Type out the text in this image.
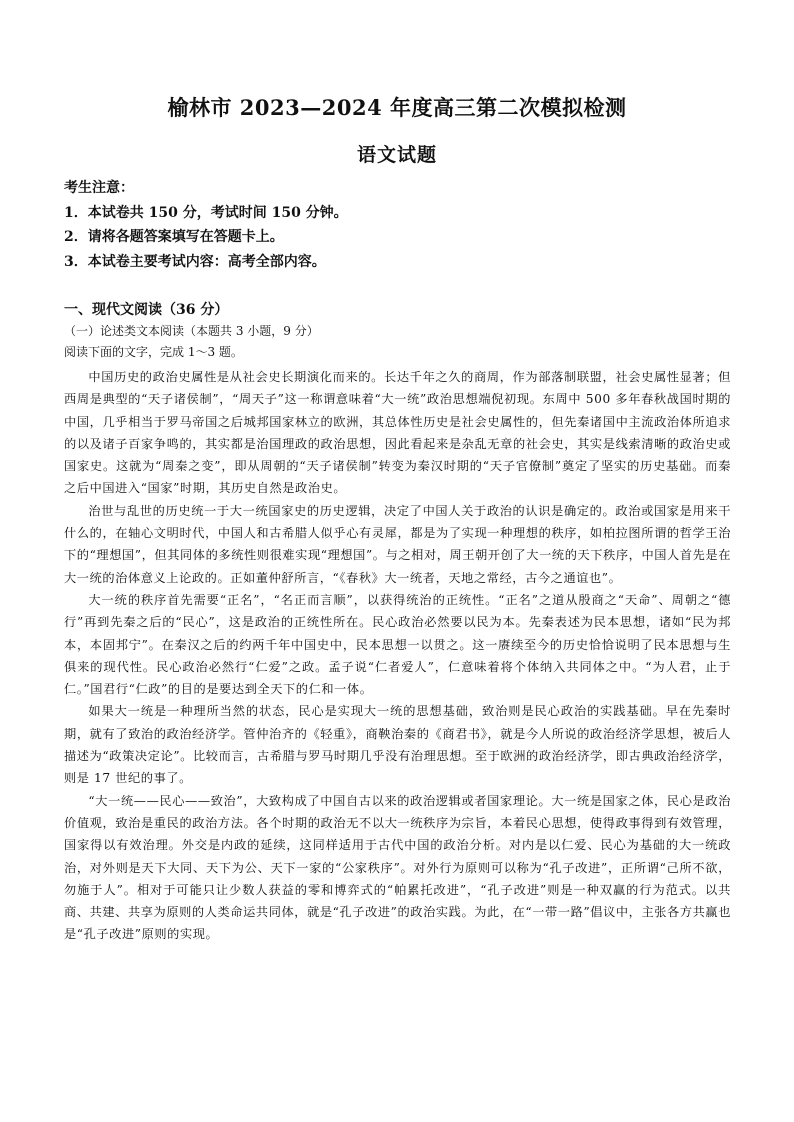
榆林市 2023—2024 年度高三第二次模拟检测
语文试题
考生注意：
1．本试卷共 150 分，考试时间 150 分钟。
2．请将各题答案填写在答题卡上。
3．本试卷主要考试内容：高考全部内容。
一、现代文阅读（36 分）
（一）论述类文本阅读（本题共 3 小题，9 分）
阅读下面的文字，完成 1～3 题。

中国历史的政治史属性是从社会史长期演化而来的。长达千年之久的商周，作为部落制联盟，社会史属性显著；但西周是典型的“天子诸侯制”，“周天子”这一称谓意味着“大一统”政治思想端倪初现。东周中 500 多年春秋战国时期的中国，几乎相当于罗马帝国之后城邦国家林立的欧洲，其总体性历史是社会史属性的，但先秦诸国中主流政治体所追求的以及诸子百家争鸣的，其实都是治国理政的政治思想，因此看起来是杂乱无章的社会史，其实是线索清晰的政治史或国家史。这就为“周秦之变”，即从周朝的“天子诸侯制”转变为秦汉时期的“天子官僚制”奠定了坚实的历史基础。而秦之后中国进入“国家”时期，其历史自然是政治史。

治世与乱世的历史统一于大一统国家史的历史逻辑，决定了中国人关于政治的认识是确定的。政治或国家是用来干什么的，在轴心文明时代，中国人和古希腊人似乎心有灵犀，都是为了实现一种理想的秩序，如柏拉图所谓的哲学王治下的“理想国”，但其同体的多统性则很难实现“理想国”。与之相对，周王朝开创了大一统的天下秩序，中国人首先是在大一统的治体意义上论政的。正如董仲舒所言，“《春秋》大一统者，天地之常经，古今之通谊也”。

大一统的秩序首先需要“正名”，“名正而言顺”，以获得统治的正统性。“正名”之道从殷商之“天命”、周朝之“德行”再到先秦之后的“民心”，这是政治的正统性所在。民心政治必然要以民为本。先秦表述为民本思想，诸如“民为邦本，本固邦宁”。在秦汉之后的约两千年中国史中，民本思想一以贯之。这一赓续至今的历史恰恰说明了民本思想与生俱来的现代性。民心政治必然行“仁爱”之政。孟子说“仁者爱人”，仁意味着将个体纳入共同体之中。“为人君，止于仁。”国君行“仁政”的目的是要达到全天下的仁和一体。

如果大一统是一种理所当然的状态，民心是实现大一统的思想基础，致治则是民心政治的实践基础。早在先秦时期，就有了致治的政治经济学。管仲治齐的《轻重》，商鞅治秦的《商君书》，就是今人所说的政治经济学思想，被后人描述为“政策决定论”。比较而言，古希腊与罗马时期几乎没有治理思想。至于欧洲的政治经济学，即古典政治经济学，则是 17 世纪的事了。

“大一统——民心——致治”，大致构成了中国自古以来的政治逻辑或者国家理论。大一统是国家之体，民心是政治价值观，致治是重民的政治方法。各个时期的政治无不以大一统秩序为宗旨，本着民心思想，使得政事得到有效管理，国家得以有效治理。外交是内政的延续，这同样适用于古代中国的政治分析。对内是以仁爱、民心为基础的大一统政治，对外则是天下大同、天下为公、天下一家的“公家秩序”。对外行为原则可以称为“孔子改进”，正所谓“己所不欲，勿施于人”。相对于可能只让少数人获益的零和博弈式的“帕累托改进”，“孔子改进”则是一种双赢的行为范式。以共商、共建、共享为原则的人类命运共同体，就是“孔子改进”的政治实践。为此，在“一带一路”倡议中，主张各方共赢也是“孔子改进”原则的实现。
